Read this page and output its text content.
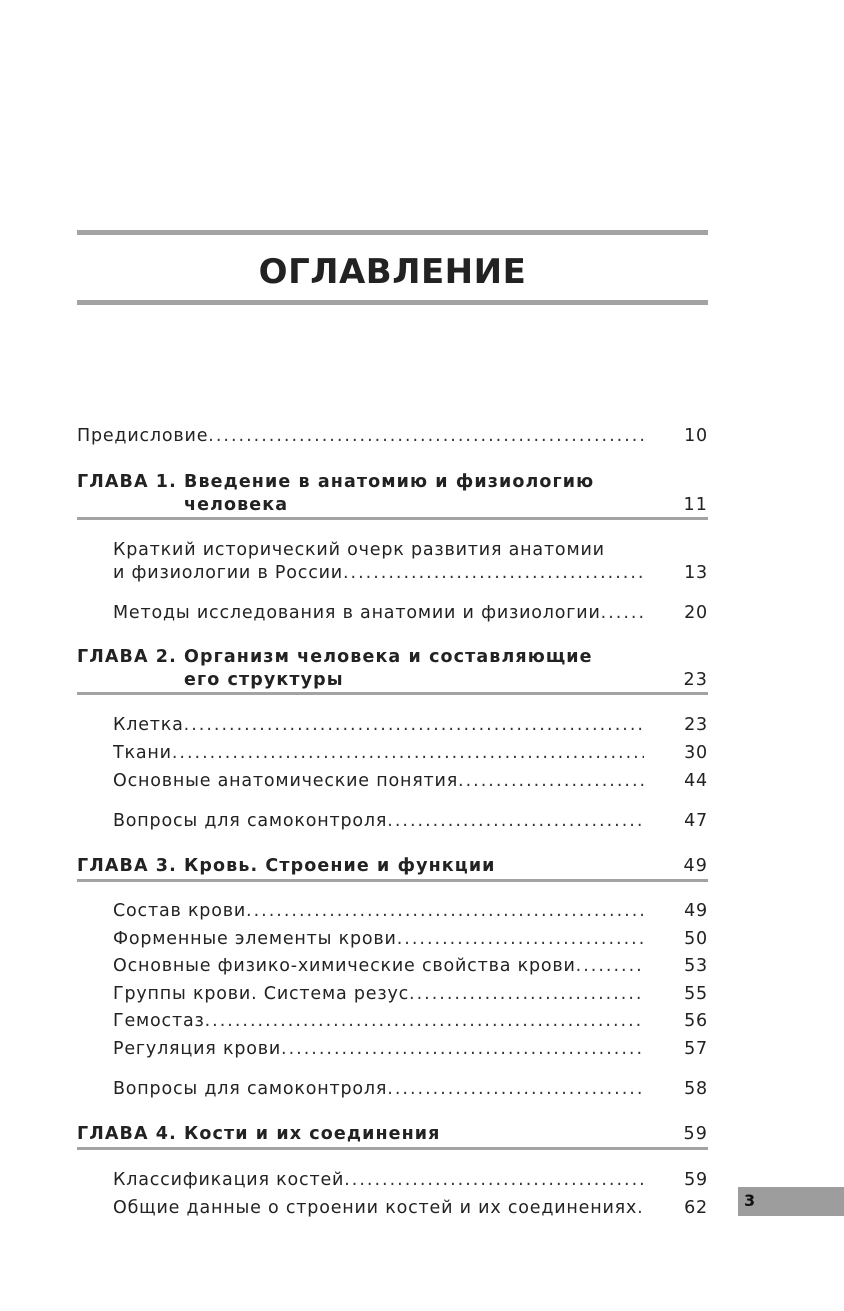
ОГЛАВЛЕНИЕ
Предисловие .....	10
ГЛАВА 1. Введение в анатомию и физиологию
человека	11
Краткий исторический очерк развития анатомии
и физиологии в России .....	13
Методы исследования в анатомии и физиологии .....	20
ГЛАВА 2. Организм человека и составляющие
его структуры	23
Клетка .....	23
Ткани .....	30
Основные анатомические понятия .....	44
Вопросы для самоконтроля .....	47
ГЛАВА 3. Кровь. Строение и функции	49
Состав крови .....	49
Форменные элементы крови .....	50
Основные физико-химические свойства крови .....	53
Группы крови. Система резус .....	55
Гемостаз .....	56
Регуляция крови .....	57
Вопросы для самоконтроля .....	58
ГЛАВА 4. Кости и их соединения	59
Классификация костей .....	59
Общие данные о строении костей и их соединениях .....	62 3
